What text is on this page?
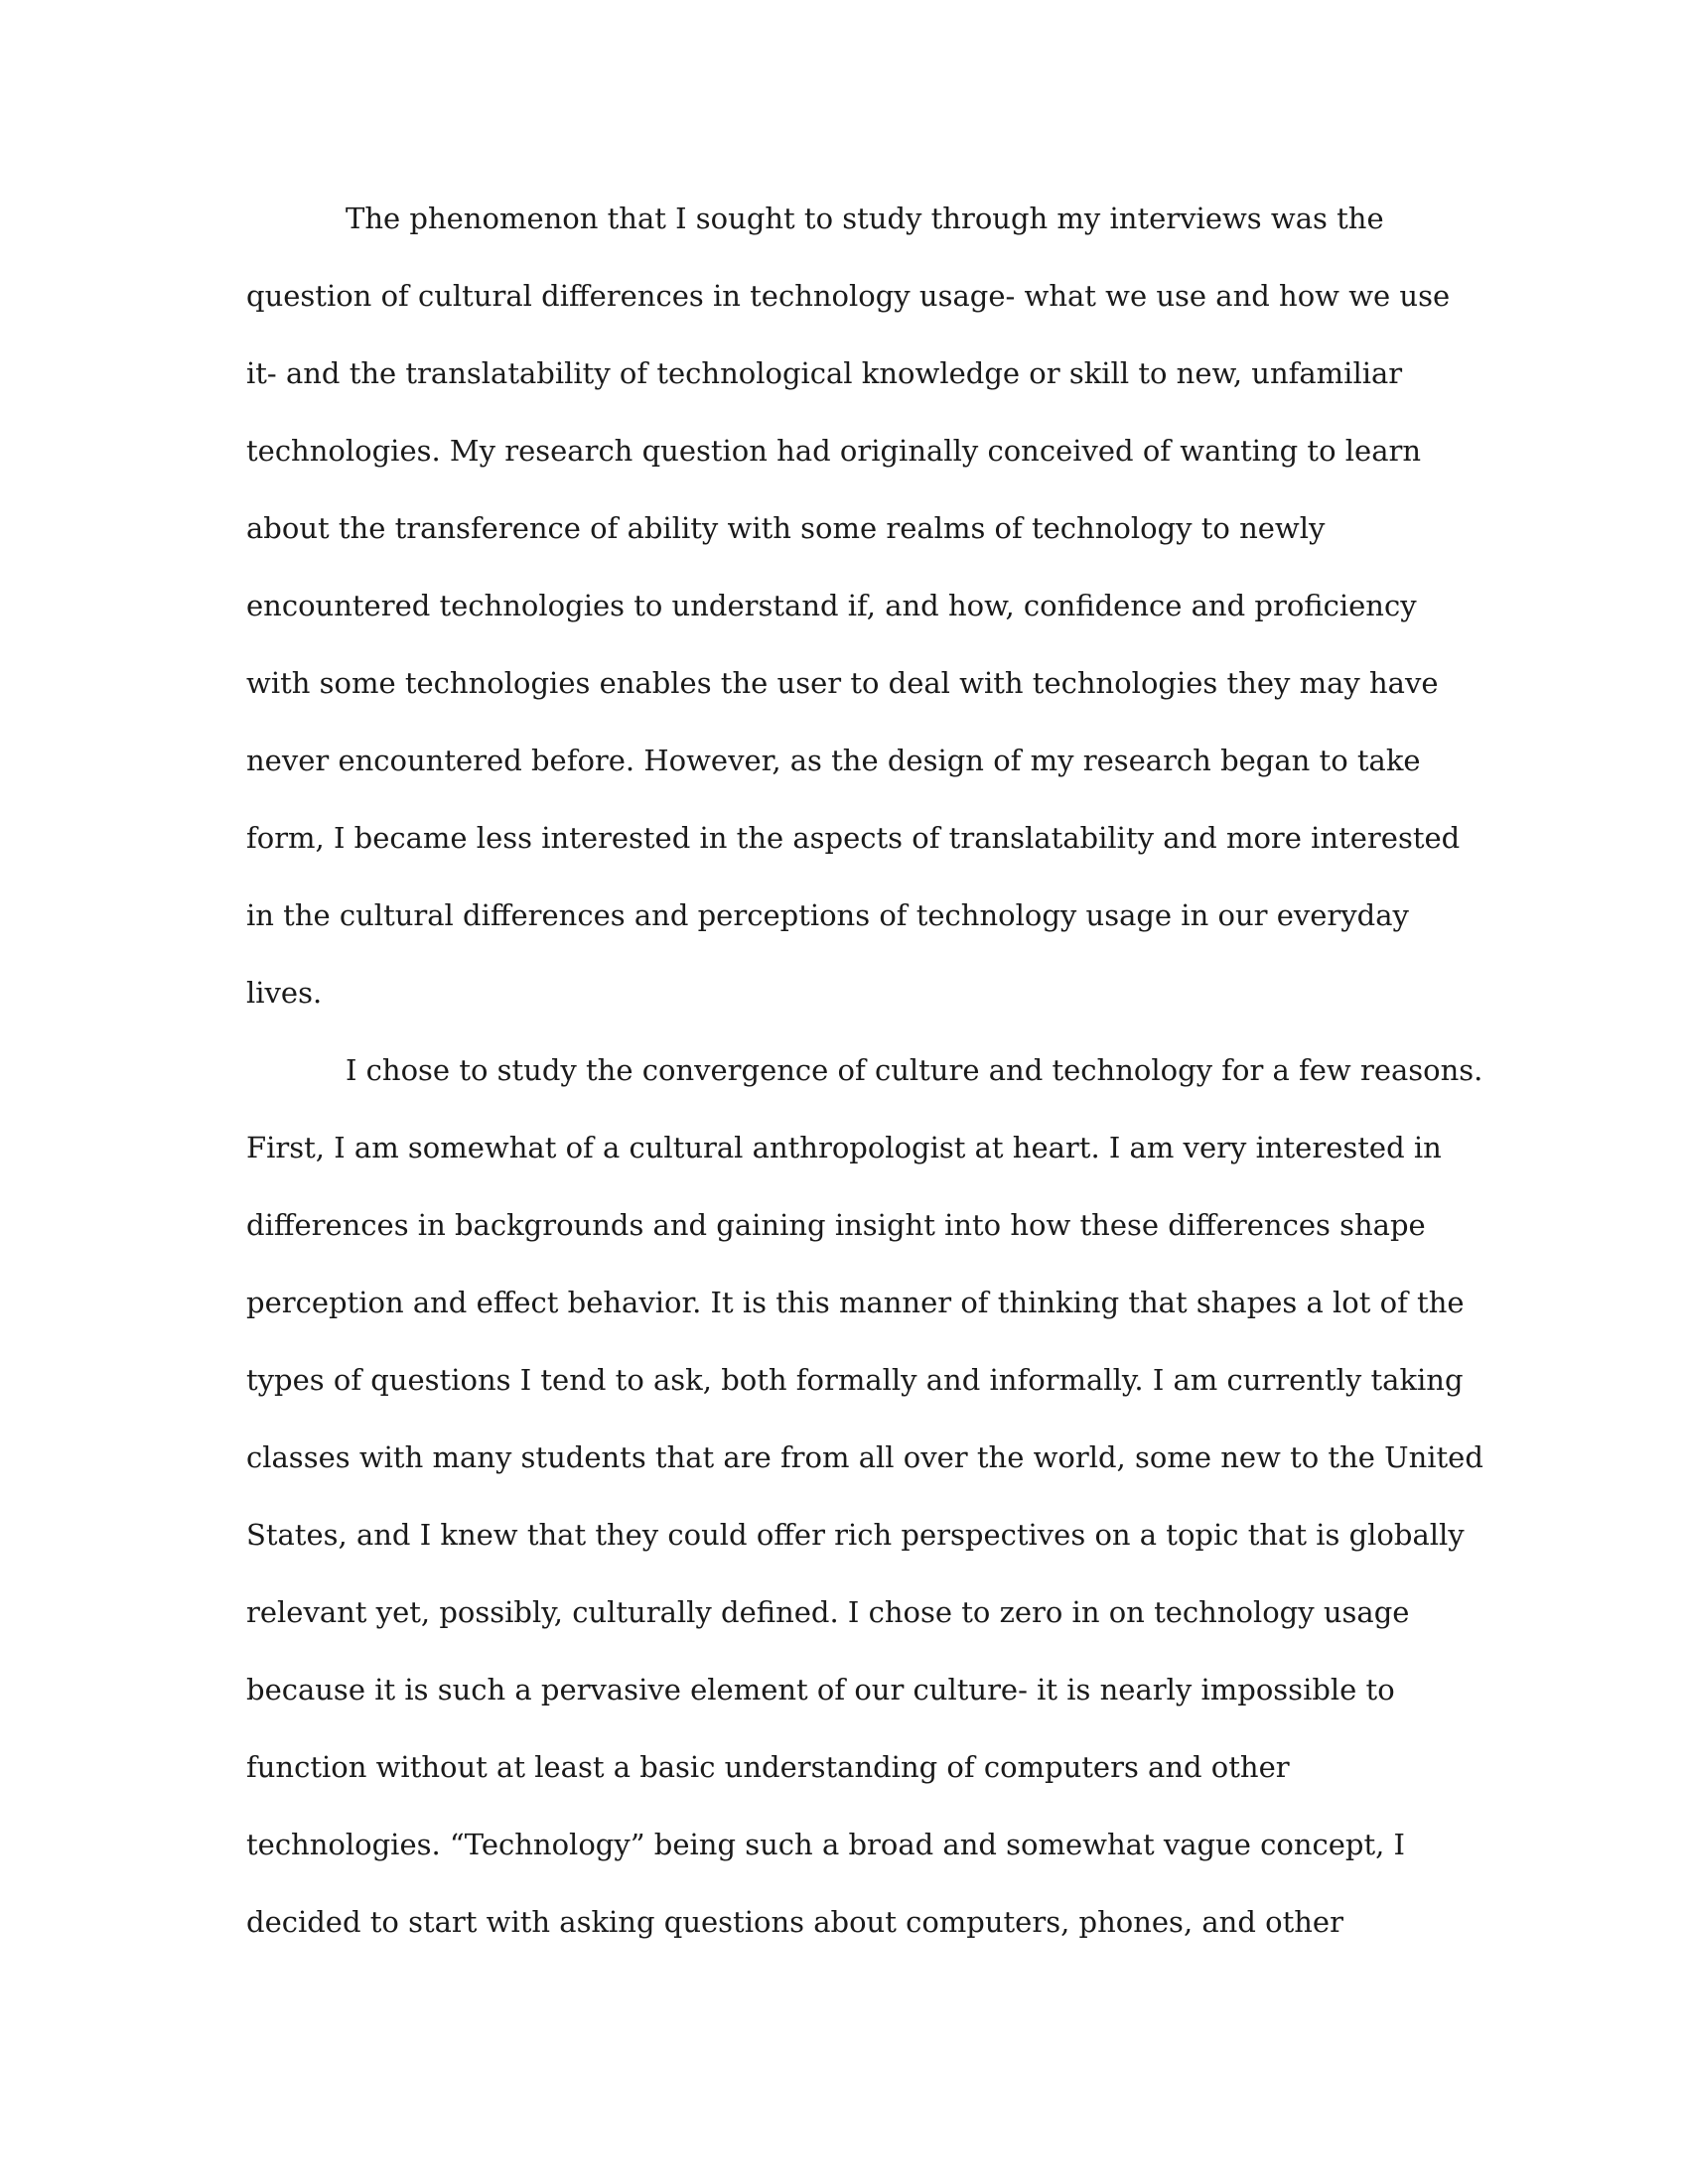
The phenomenon that I sought to study through my interviews was the
question of cultural differences in technology usage- what we use and how we use
it- and the translatability of technological knowledge or skill to new, unfamiliar
technologies. My research question had originally conceived of wanting to learn
about the transference of ability with some realms of technology to newly
encountered technologies to understand if, and how, confidence and proficiency
with some technologies enables the user to deal with technologies they may have
never encountered before. However, as the design of my research began to take
form, I became less interested in the aspects of translatability and more interested
in the cultural differences and perceptions of technology usage in our everyday
lives.
I chose to study the convergence of culture and technology for a few reasons.
First, I am somewhat of a cultural anthropologist at heart. I am very interested in
differences in backgrounds and gaining insight into how these differences shape
perception and effect behavior. It is this manner of thinking that shapes a lot of the
types of questions I tend to ask, both formally and informally. I am currently taking
classes with many students that are from all over the world, some new to the United
States, and I knew that they could offer rich perspectives on a topic that is globally
relevant yet, possibly, culturally defined. I chose to zero in on technology usage
because it is such a pervasive element of our culture- it is nearly impossible to
function without at least a basic understanding of computers and other
technologies. “Technology” being such a broad and somewhat vague concept, I
decided to start with asking questions about computers, phones, and other
